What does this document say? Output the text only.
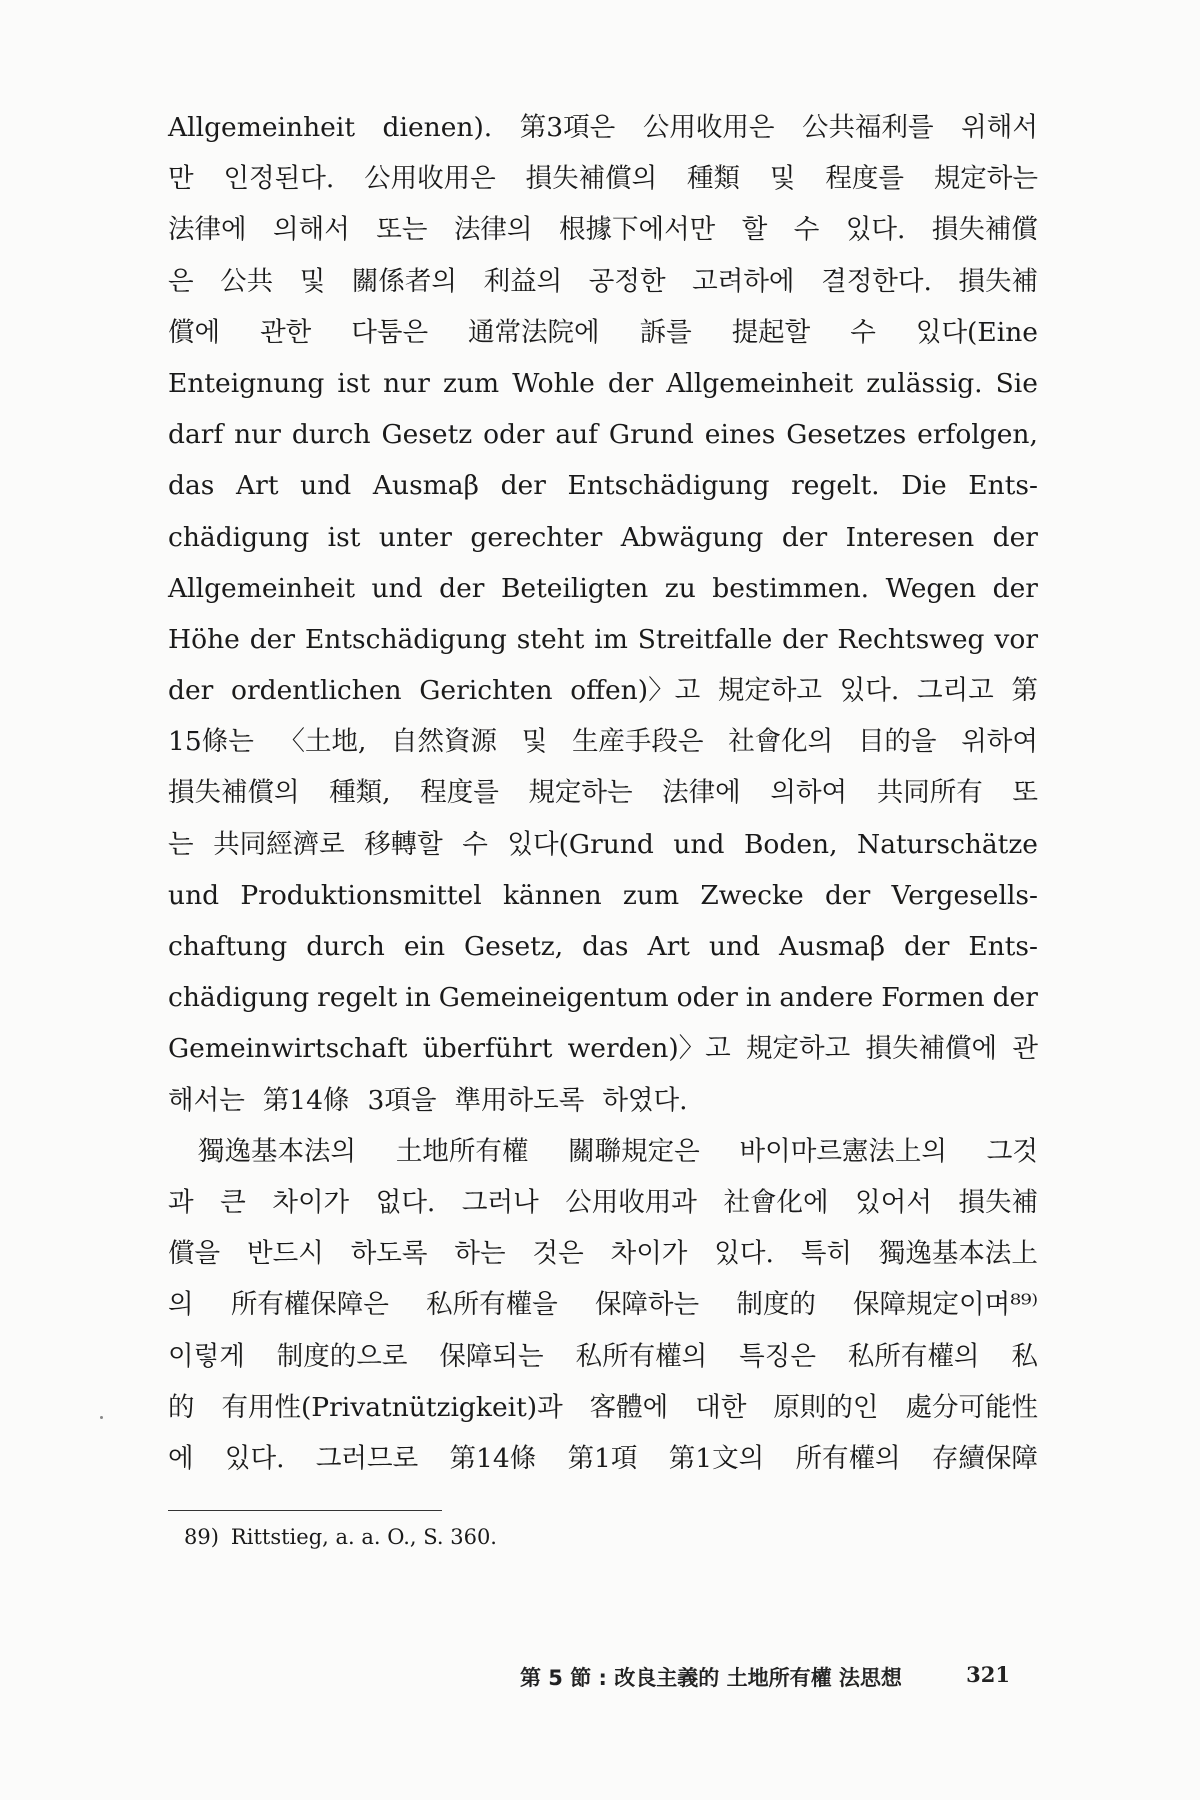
Allgemeinheit dienen). 第3項은 公用收用은 公共福利를 위해서
만 인정된다. 公用收用은 損失補償의 種類 및 程度를 規定하는
法律에 의해서 또는 法律의 根據下에서만 할 수 있다. 損失補償
은 公共 및 關係者의 利益의 공정한 고려하에 결정한다. 損失補
償에 관한 다툼은 通常法院에 訴를 提起할 수 있다(Eine
Enteignung ist nur zum Wohle der Allgemeinheit zulässig. Sie
darf nur durch Gesetz oder auf Grund eines Gesetzes erfolgen,
das Art und Ausmaβ der Entschädigung regelt. Die Ents-
chädigung ist unter gerechter Abwägung der Interesen der
Allgemeinheit und der Beteiligten zu bestimmen. Wegen der
Höhe der Entschädigung steht im Streitfalle der Rechtsweg vor
der ordentlichen Gerichten offen)〉고 規定하고 있다. 그리고 第
15條는 〈土地, 自然資源 및 生産手段은 社會化의 目的을 위하여
損失補償의 種類, 程度를 規定하는 法律에 의하여 共同所有 또
는 共同經濟로 移轉할 수 있다(Grund und Boden, Naturschätze
und Produktionsmittel kännen zum Zwecke der Vergesells-
chaftung durch ein Gesetz, das Art und Ausmaβ der Ents-
chädigung regelt in Gemeineigentum oder in andere Formen der
Gemeinwirtschaft überführt werden)〉고 規定하고 損失補償에 관
해서는 第14條 3項을 準用하도록 하였다.
獨逸基本法의 土地所有權 關聯規定은 바이마르憲法上의 그것
과 큰 차이가 없다. 그러나 公用收用과 社會化에 있어서 損失補
償을 반드시 하도록 하는 것은 차이가 있다. 특히 獨逸基本法上
의 所有權保障은 私所有權을 保障하는 制度的 保障規定이며⁸⁹⁾
이렇게 制度的으로 保障되는 私所有權의 특징은 私所有權의 私
的 有用性(Privatnützigkeit)과 客體에 대한 原則的인 處分可能性
에 있다. 그러므로 第14條 第1項 第1文의 所有權의 存續保障
89) Rittstieg, a. a. O., S. 360.
第 5 節 : 改良主義的 土地所有權 法思想	321
